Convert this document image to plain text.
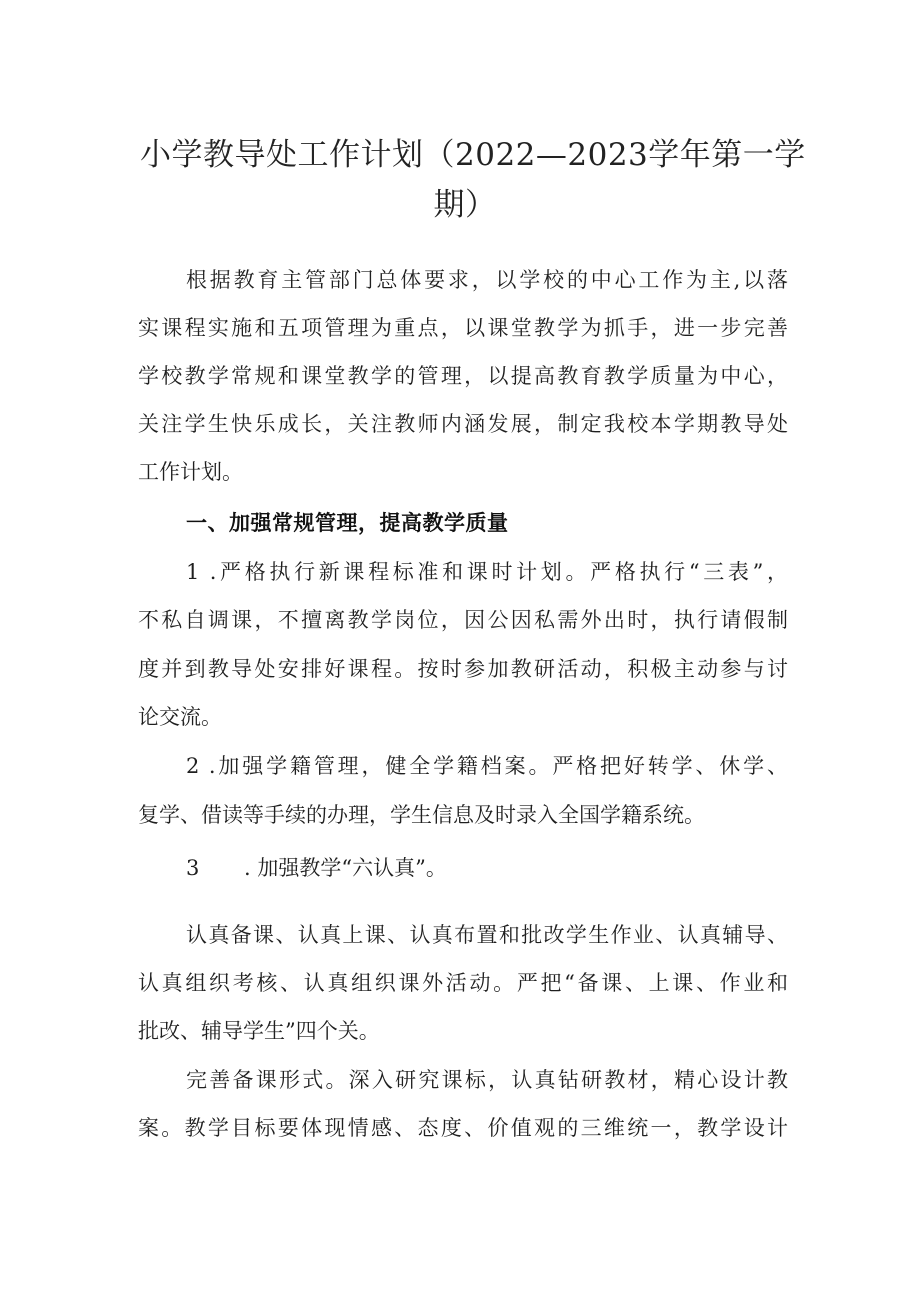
小学教导处工作计划（2022—2023学年第一学
期）
根据教育主管部门总体要求，以学校的中心工作为主,以落
实课程实施和五项管理为重点，以课堂教学为抓手，进一步完善
学校教学常规和课堂教学的管理，以提高教育教学质量为中心，
关注学生快乐成长，关注教师内涵发展，制定我校本学期教导处
工作计划。
一、加强常规管理，提高教学质量
1 .严格执行新课程标准和课时计划。严格执行“三表”，
不私自调课，不擅离教学岗位，因公因私需外出时，执行请假制
度并到教导处安排好课程。按时参加教研活动，积极主动参与讨
论交流。
2 .加强学籍管理，健全学籍档案。严格把好转学、休学、
复学、借读等手续的办理，学生信息及时录入全国学籍系统。
3 . 加强教学“六认真”。
认真备课、认真上课、认真布置和批改学生作业、认真辅导、
认真组织考核、认真组织课外活动。严把“备课、上课、作业和
批改、辅导学生”四个关。
完善备课形式。深入研究课标，认真钻研教材，精心设计教
案。教学目标要体现情感、态度、价值观的三维统一，教学设计
